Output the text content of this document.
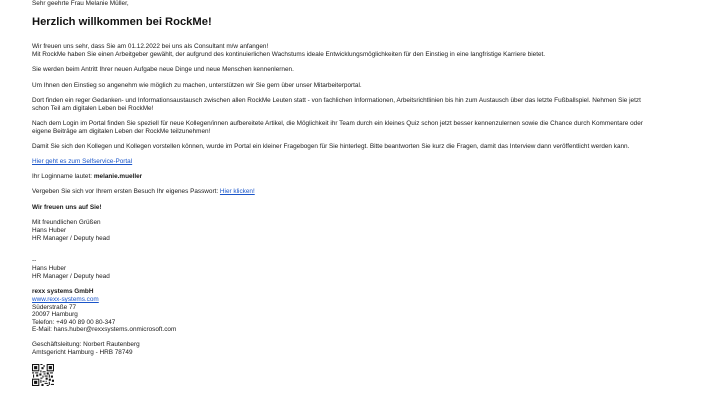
Sehr geehrte Frau Melanie Müller,
Herzlich willkommen bei RockMe!
Wir freuen uns sehr, dass Sie am 01.12.2022 bei uns als Consultant m/w anfangen!
Mit RockMe haben Sie einen Arbeitgeber gewählt, der aufgrund des kontinuierlichen Wachstums ideale Entwicklungsmöglichkeiten für den Einstieg in eine langfristige Karriere bietet.
Sie werden beim Antritt Ihrer neuen Aufgabe neue Dinge und neue Menschen kennenlernen.
Um Ihnen den Einstieg so angenehm wie möglich zu machen, unterstützen wir Sie gern über unser Mitarbeiterportal.
Dort finden ein reger Gedanken- und Informationsaustausch zwischen allen RockMe Leuten statt - von fachlichen Informationen, Arbeitsrichtlinien bis hin zum Austausch über das letzte Fußballspiel. Nehmen Sie jetzt
schon Teil am digitalen Leben bei RockMe!
Nach dem Login im Portal finden Sie speziell für neue Kollegen/innen aufbereitete Artikel, die Möglichkeit ihr Team durch ein kleines Quiz schon jetzt besser kennenzulernen sowie die Chance durch Kommentare oder
eigene Beiträge am digitalen Leben der RockMe teilzunehmen!
Damit Sie sich den Kollegen und Kollegen vorstellen können, wurde im Portal ein kleiner Fragebogen für Sie hinterlegt. Bitte beantworten Sie kurz die Fragen, damit das Interview dann veröffentlicht werden kann.
Hier geht es zum Selfservice-Portal
Ihr Loginname lautet: melanie.mueller
Vergeben Sie sich vor Ihrem ersten Besuch Ihr eigenes Passwort: Hier klicken!
Wir freuen uns auf Sie!
Mit freundlichen Grüßen
Hans Huber
HR Manager / Deputy head
--
Hans Huber
HR Manager / Deputy head
rexx systems GmbH
www.rexx-systems.com
Süderstraße 77
20097 Hamburg
Telefon: +49 40 89 00 80-347
E-Mail: hans.huber@rexxsystems.onmicrosoft.com
Geschäftsleitung: Norbert Rautenberg
Amtsgericht Hamburg - HRB 78749
